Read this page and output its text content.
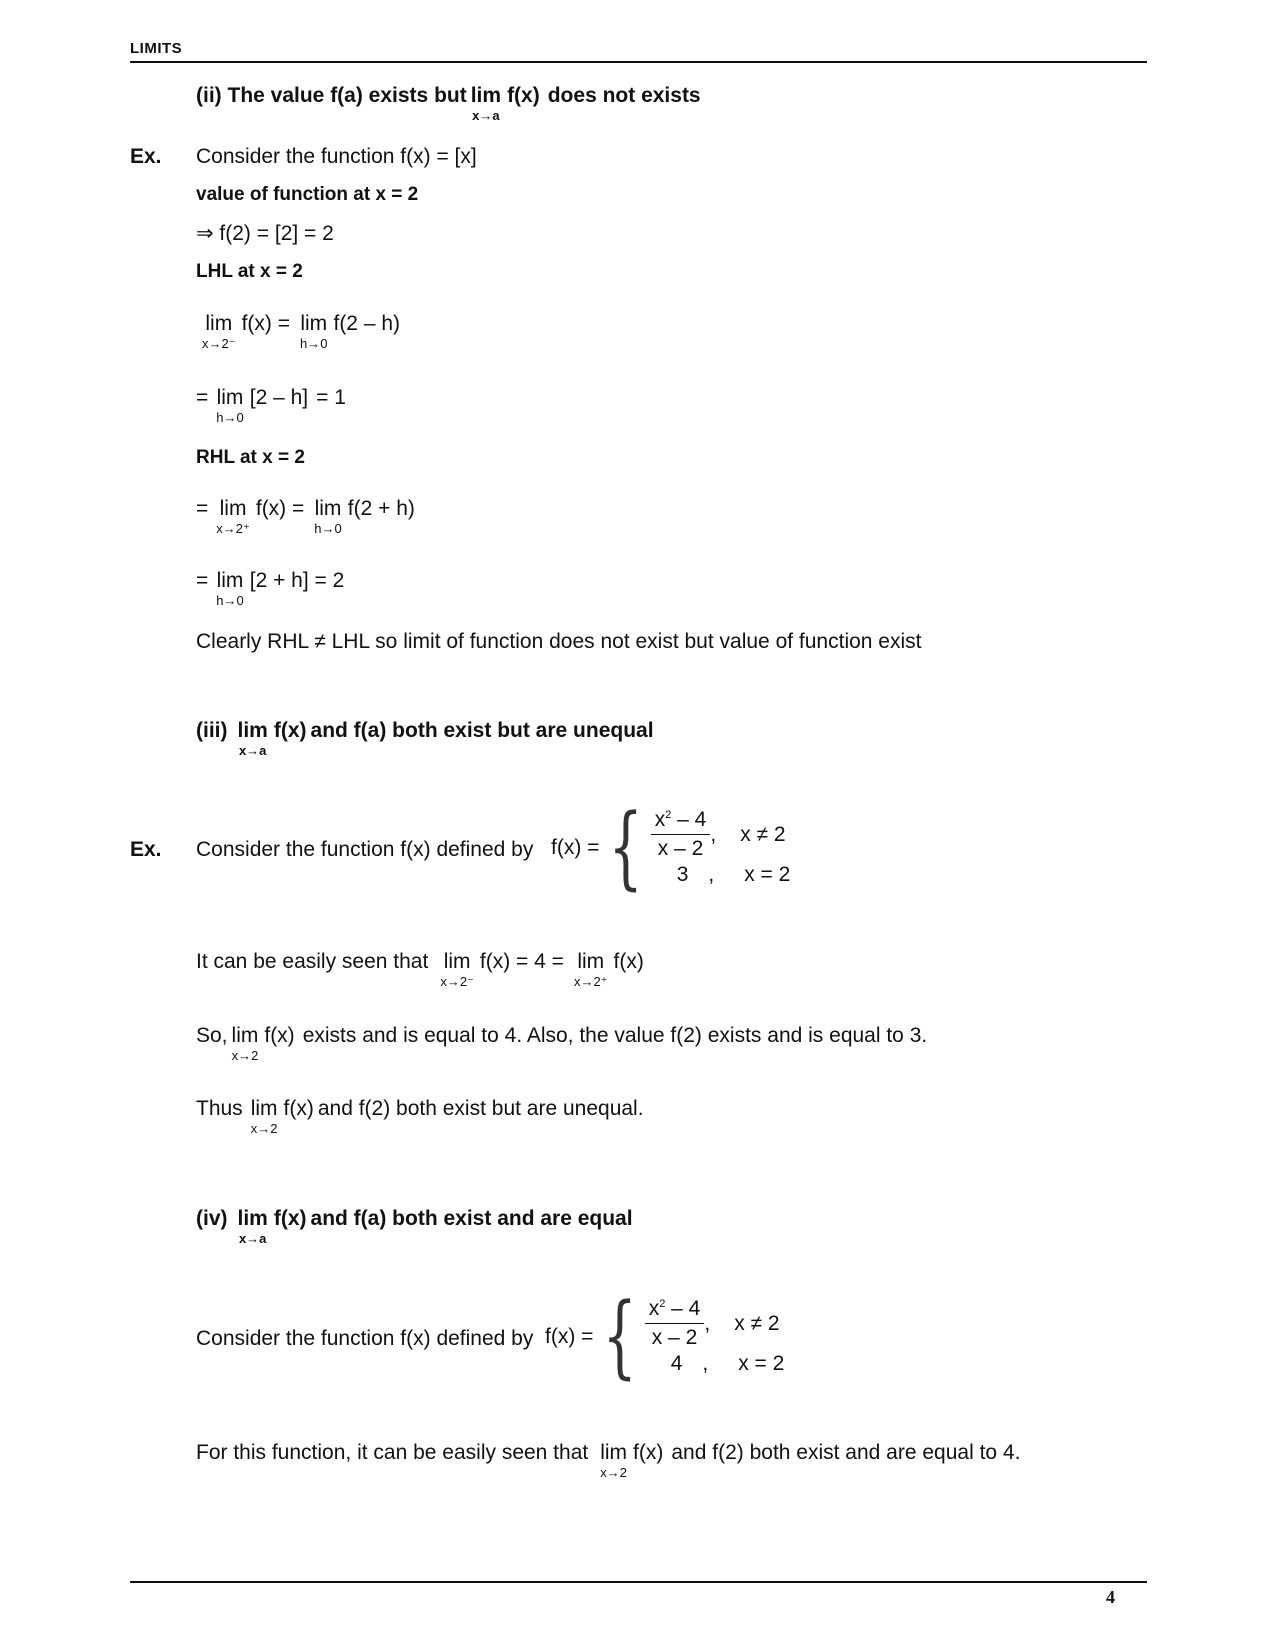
LIMITS
(ii) The value f(a) exists but lim
x→a
f(x) does not exists
Ex. Consider the function f(x) = [x]
value of function at x = 2
⇒ f(2) = [2] = 2
LHL at x = 2
lim
x→2⁻
f(x) = lim
h→0
f(2 – h)
= lim
h→0
[2 – h] = 1
RHL at x = 2
= lim
x→2⁺
f(x) = lim
h→0
f(2 + h)
= lim
h→0
[2 + h] = 2
Clearly RHL ≠ LHL so limit of function does not exist but value of function exist
(iii) lim
x→a
f(x) and f(a) both exist but are unequal
Ex. Consider the function f(x) defined by f(x) = { $\frac{x^2 - 4}{x - 2}$ , x ≠ 2
3 , x = 2
It can be easily seen that lim
x→2⁻
f(x) = 4 = lim
x→2⁺
f(x)
So, lim
x→2
f(x) exists and is equal to 4. Also, the value f(2) exists and is equal to 3.
Thus lim
x→2
f(x) and f(2) both exist but are unequal.
(iv) lim
x→a
f(x) and f(a) both exist and are equal
Consider the function f(x) defined by f(x) = { $\frac{x^2 - 4}{x - 2}$ , x ≠ 2
4 , x = 2
For this function, it can be easily seen that lim
x→2
f(x) and f(2) both exist and are equal to 4.
4
